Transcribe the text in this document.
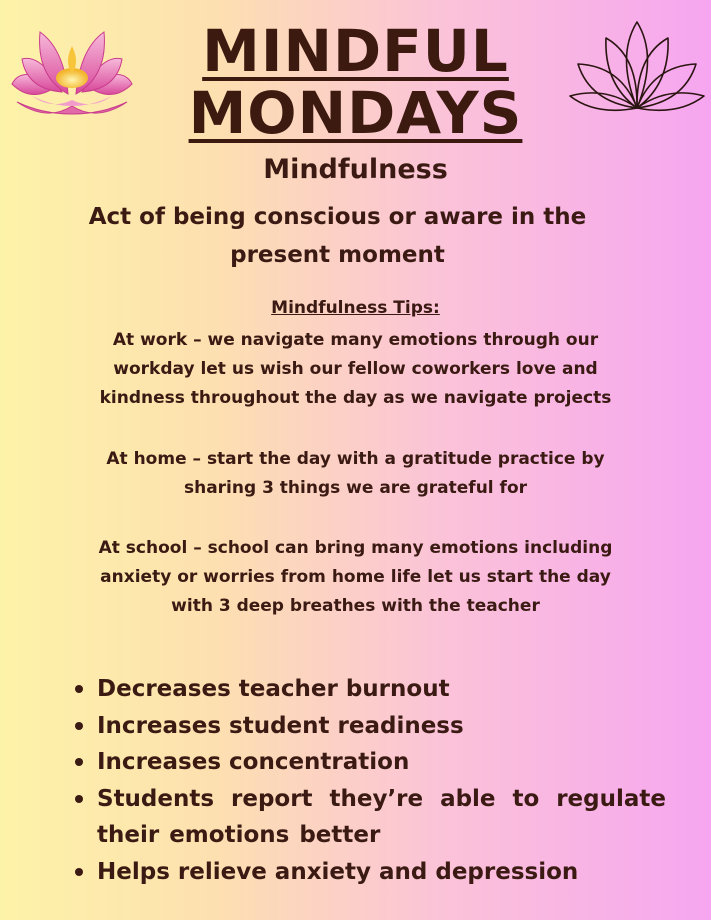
MINDFUL
MONDAYS

Mindfulness

Act of being conscious or aware in the present moment

Mindfulness Tips:

At work – we navigate many emotions through our workday let us wish our fellow coworkers love and kindness throughout the day as we navigate projects

At home – start the day with a gratitude practice by sharing 3 things we are grateful for

At school – school can bring many emotions including anxiety or worries from home life let us start the day with 3 deep breathes with the teacher

Decreases teacher burnout
Increases student readiness
Increases concentration
Students report they’re able to regulate their emotions better
Helps relieve anxiety and depression
